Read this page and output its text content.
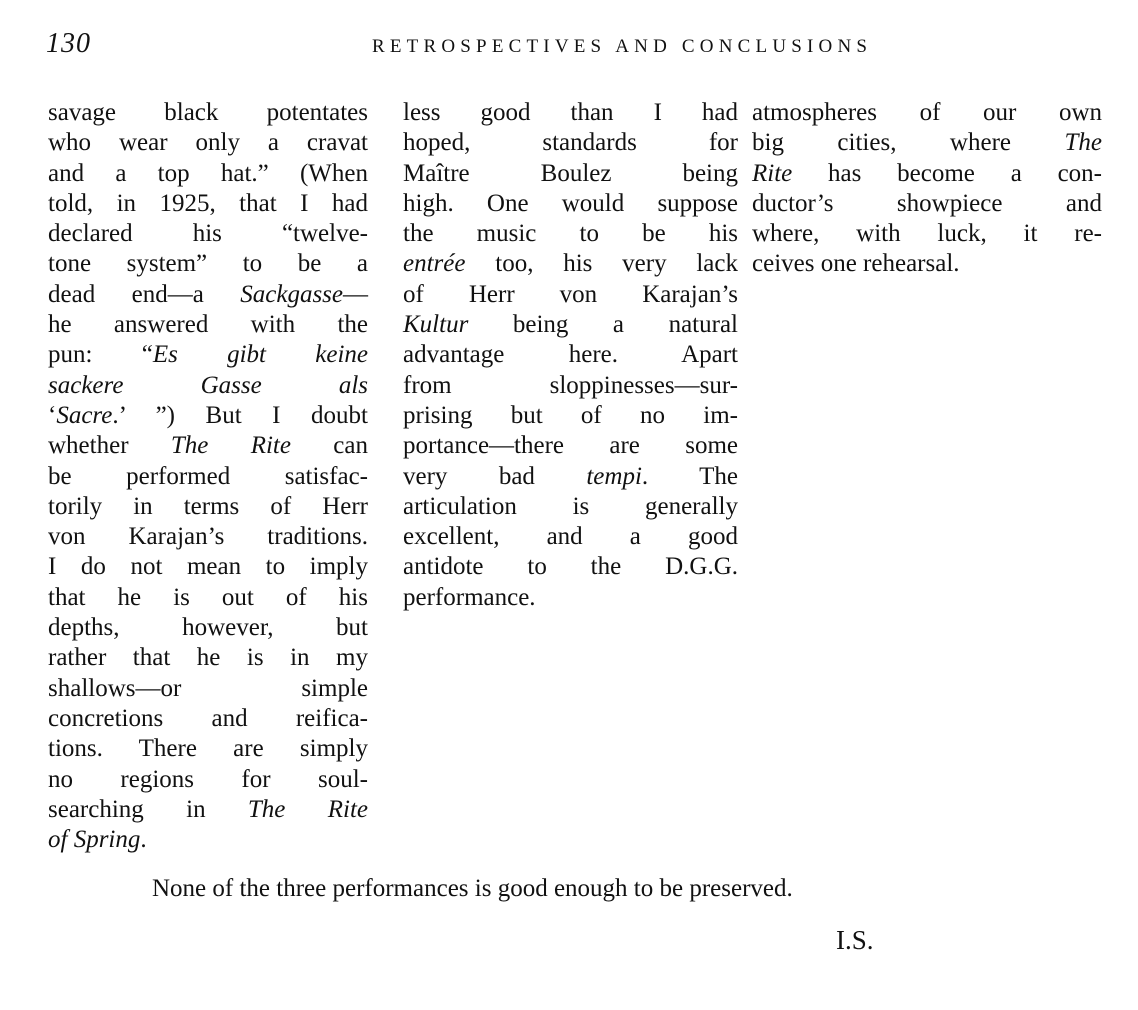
130	RETROSPECTIVES AND CONCLUSIONS
savage black potentates
who wear only a cravat
and a top hat.” (When
told, in 1925, that I had
declared his “twelve-
tone system” to be a
dead end—a Sackgasse—
he answered with the
pun: “Es gibt keine
sackere Gasse als
‘Sacre.’ ”) But I doubt
whether The Rite can
be performed satisfac-
torily in terms of Herr
von Karajan’s traditions.
I do not mean to imply
that he is out of his
depths, however, but
rather that he is in my
shallows—or simple
concretions and reifica-
tions. There are simply
no regions for soul-
searching in The Rite
of Spring.
less good than I had
hoped, standards for
Maître Boulez being
high. One would suppose
the music to be his
entrée too, his very lack
of Herr von Karajan’s
Kultur being a natural
advantage here. Apart
from sloppinesses—sur-
prising but of no im-
portance—there are some
very bad tempi. The
articulation is generally
excellent, and a good
antidote to the D.G.G.
performance.
atmospheres of our own
big cities, where The
Rite has become a con-
ductor’s showpiece and
where, with luck, it re-
ceives one rehearsal.
None of the three performances is good enough to be preserved.
I.S.
